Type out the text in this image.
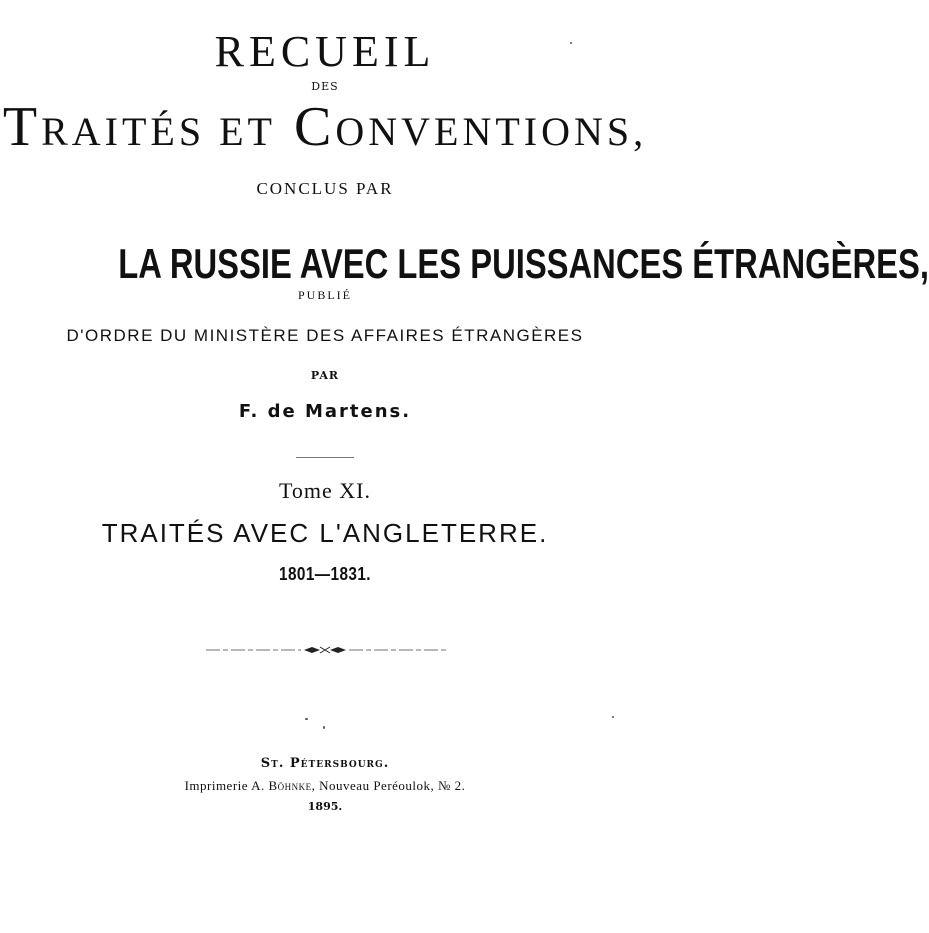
RECUEIL
DES
TRAITÉS ET CONVENTIONS,
CONCLUS PAR
LA RUSSIE AVEC LES PUISSANCES ÉTRANGÈRES,
PUBLIÉ
D'ORDRE DU MINISTÈRE DES AFFAIRES ÉTRANGÈRES
PAR
F. de Martens.
Tome XI.
TRAITÉS AVEC L'ANGLETERRE.
1801—1831.
St. Pétersbourg.
Imprimerie A. Böhnke, Nouveau Peréoulok, № 2.
1895.
